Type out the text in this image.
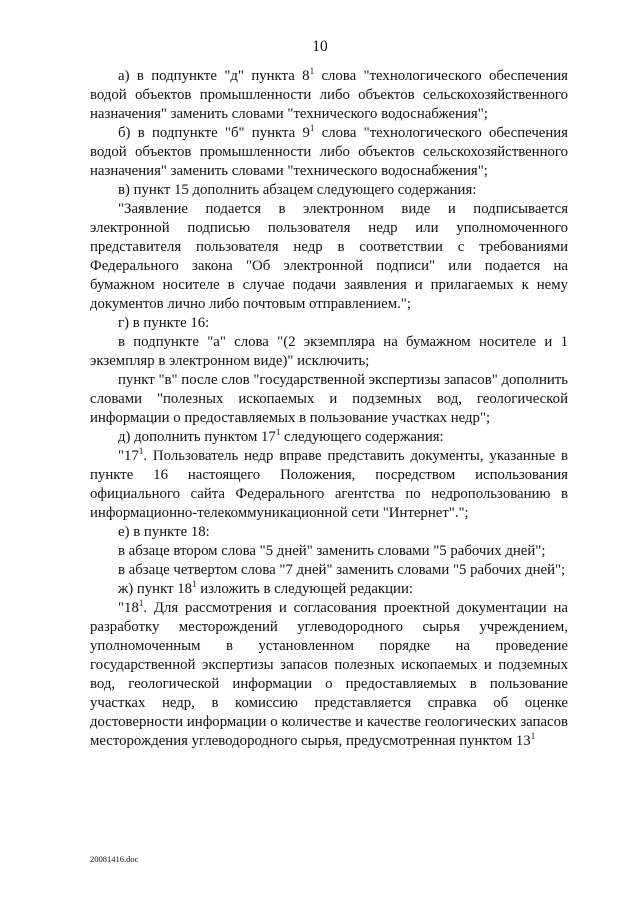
10

а) в подпункте "д" пункта $8^1$ слова "технологического обеспечения водой объектов промышленности либо объектов сельскохозяйственного назначения" заменить словами "технического водоснабжения";

б) в подпункте "б" пункта $9^1$ слова "технологического обеспечения водой объектов промышленности либо объектов сельскохозяйственного назначения" заменить словами "технического водоснабжения";

в) пункт 15 дополнить абзацем следующего содержания:

"Заявление подается в электронном виде и подписывается электронной подписью пользователя недр или уполномоченного представителя пользователя недр в соответствии с требованиями Федерального закона "Об электронной подписи" или подается на бумажном носителе в случае подачи заявления и прилагаемых к нему документов лично либо почтовым отправлением.";

г) в пункте 16:

в подпункте "а" слова "(2 экземпляра на бумажном носителе и 1 экземпляр в электронном виде)" исключить;

пункт "в" после слов "государственной экспертизы запасов" дополнить словами "полезных ископаемых и подземных вод, геологической информации о предоставляемых в пользование участках недр";

д) дополнить пунктом $17^1$ следующего содержания:

"$17^1$. Пользователь недр вправе представить документы, указанные в пункте 16 настоящего Положения, посредством использования официального сайта Федерального агентства по недропользованию в информационно-телекоммуникационной сети "Интернет".";

е) в пункте 18:

в абзаце втором слова "5 дней" заменить словами "5 рабочих дней";

в абзаце четвертом слова "7 дней" заменить словами "5 рабочих дней";

ж) пункт $18^1$ изложить в следующей редакции:

"$18^1$. Для рассмотрения и согласования проектной документации на разработку месторождений углеводородного сырья учреждением, уполномоченным в установленном порядке на проведение государственной экспертизы запасов полезных ископаемых и подземных вод, геологической информации о предоставляемых в пользование участках недр, в комиссию представляется справка об оценке достоверности информации о количестве и качестве геологических запасов месторождения углеводородного сырья, предусмотренная пунктом $13^1$

20081416.doc
